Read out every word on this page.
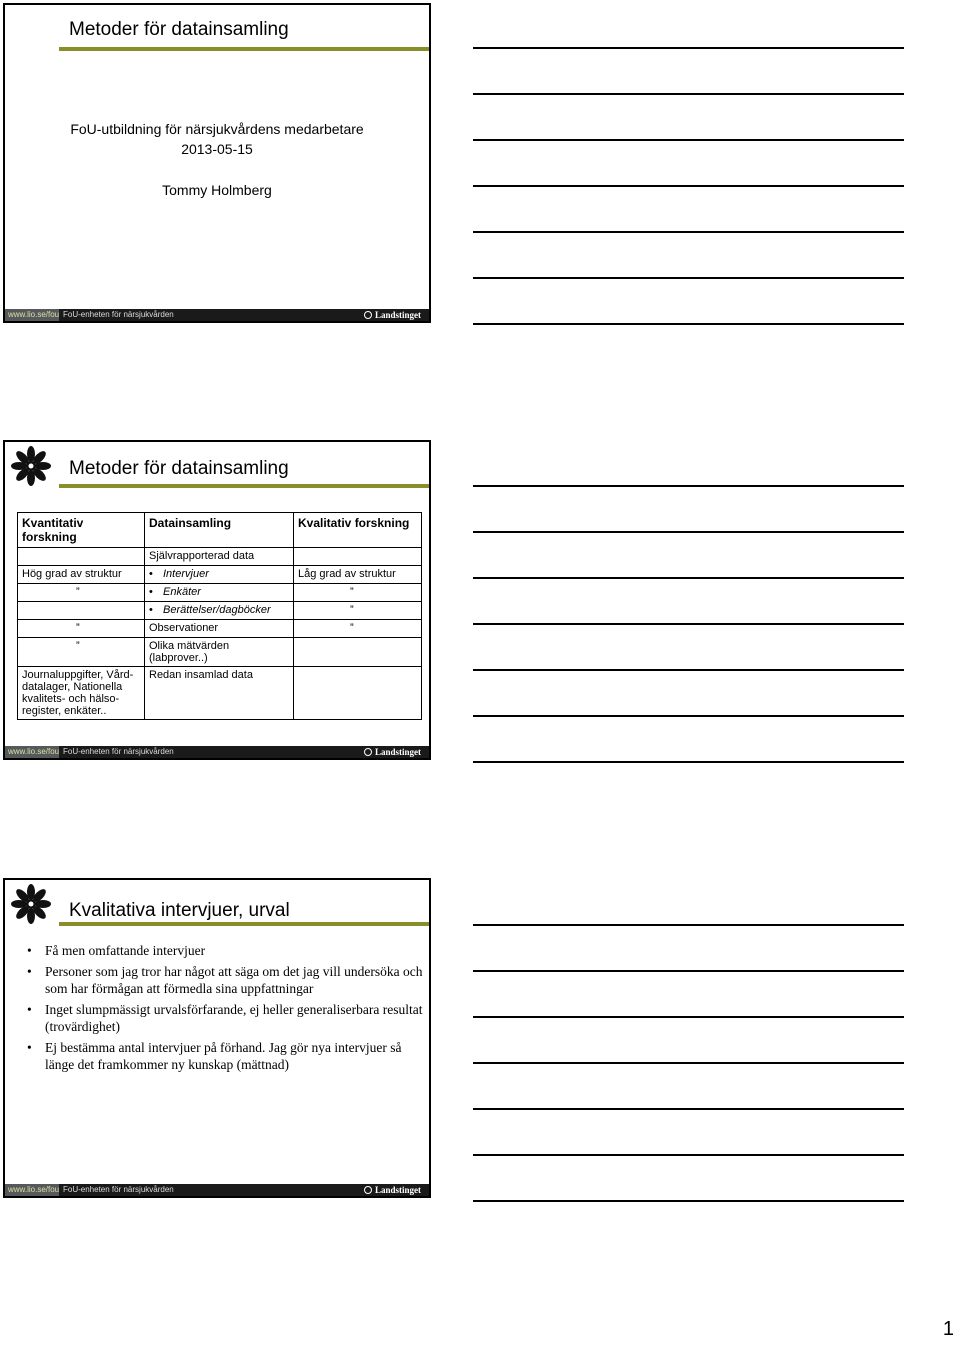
Metoder för datainsamling
FoU-utbildning för närsjukvårdens medarbetare
2013-05-15
Tommy Holmberg
www.lio.se/fou FoU-enheten för närsjukvården	Landstinget
Metoder för datainsamling
Kvantitativ forskning	Datainsamling	Kvalitativ forskning
	Självrapporterad data	
Hög grad av struktur	•Intervjuer	Låg grad av struktur
”	•Enkäter	”
	• Berättelser/dagböcker	”
”	Observationer	”
”	Olika mätvärden (labprover..)	
Journaluppgifter, Vård-datalager, Nationella kvalitets- och hälso-register, enkäter..	Redan insamlad data	
www.lio.se/fou FoU-enheten för närsjukvården	Landstinget
Kvalitativa intervjuer, urval
• Få men omfattande intervjuer
• Personer som jag tror har något att säga om det jag vill undersöka och som har förmågan att förmedla sina uppfattningar
• Inget slumpmässigt urvalsförfarande, ej heller generaliserbara resultat (trovärdighet)
• Ej bestämma antal intervjuer på förhand. Jag gör nya intervjuer så länge det framkommer ny kunskap (mättnad)
www.lio.se/fou FoU-enheten för närsjukvården	Landstinget
1
